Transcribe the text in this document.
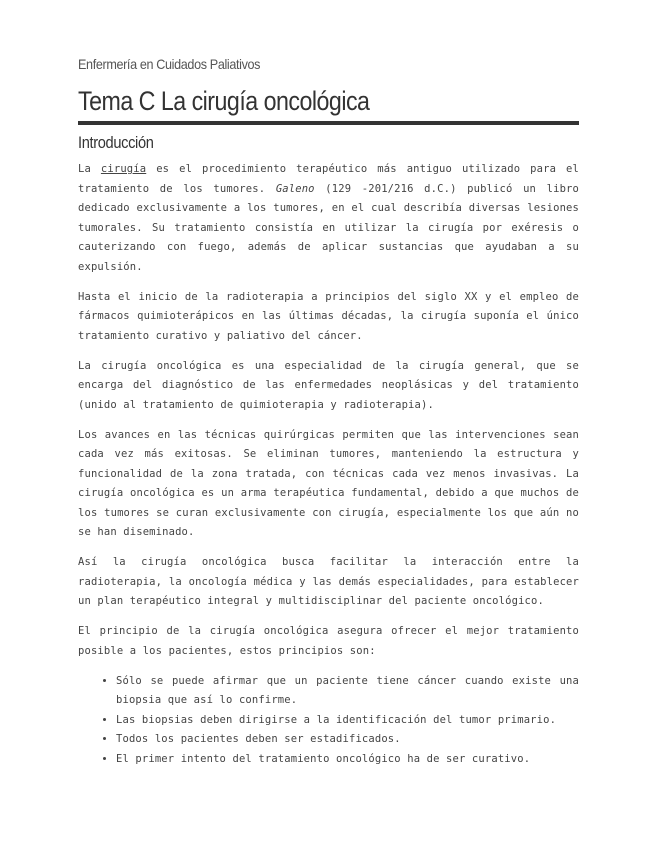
Enfermería en Cuidados Paliativos
Tema C La cirugía oncológica
Introducción

La cirugía es el procedimiento terapéutico más antiguo utilizado para el tratamiento de los tumores. Galeno (129 -201/216 d.C.) publicó un libro dedicado exclusivamente a los tumores, en el cual describía diversas lesiones tumorales. Su tratamiento consistía en utilizar la cirugía por exéresis o cauterizando con fuego, además de aplicar sustancias que ayudaban a su expulsión.

Hasta el inicio de la radioterapia a principios del siglo XX y el empleo de fármacos quimioterápicos en las últimas décadas, la cirugía suponía el único tratamiento curativo y paliativo del cáncer.

La cirugía oncológica es una especialidad de la cirugía general, que se encarga del diagnóstico de las enfermedades neoplásicas y del tratamiento (unido al tratamiento de quimioterapia y radioterapia).

Los avances en las técnicas quirúrgicas permiten que las intervenciones sean cada vez más exitosas. Se eliminan tumores, manteniendo la estructura y funcionalidad de la zona tratada, con técnicas cada vez menos invasivas. La cirugía oncológica es un arma terapéutica fundamental, debido a que muchos de los tumores se curan exclusivamente con cirugía, especialmente los que aún no se han diseminado.

Así la cirugía oncológica busca facilitar la interacción entre la radioterapia, la oncología médica y las demás especialidades, para establecer un plan terapéutico integral y multidisciplinar del paciente oncológico.

El principio de la cirugía oncológica asegura ofrecer el mejor tratamiento posible a los pacientes, estos principios son:

• Sólo se puede afirmar que un paciente tiene cáncer cuando existe una biopsia que así lo confirme.
• Las biopsias deben dirigirse a la identificación del tumor primario.
• Todos los pacientes deben ser estadificados.
• El primer intento del tratamiento oncológico ha de ser curativo.
